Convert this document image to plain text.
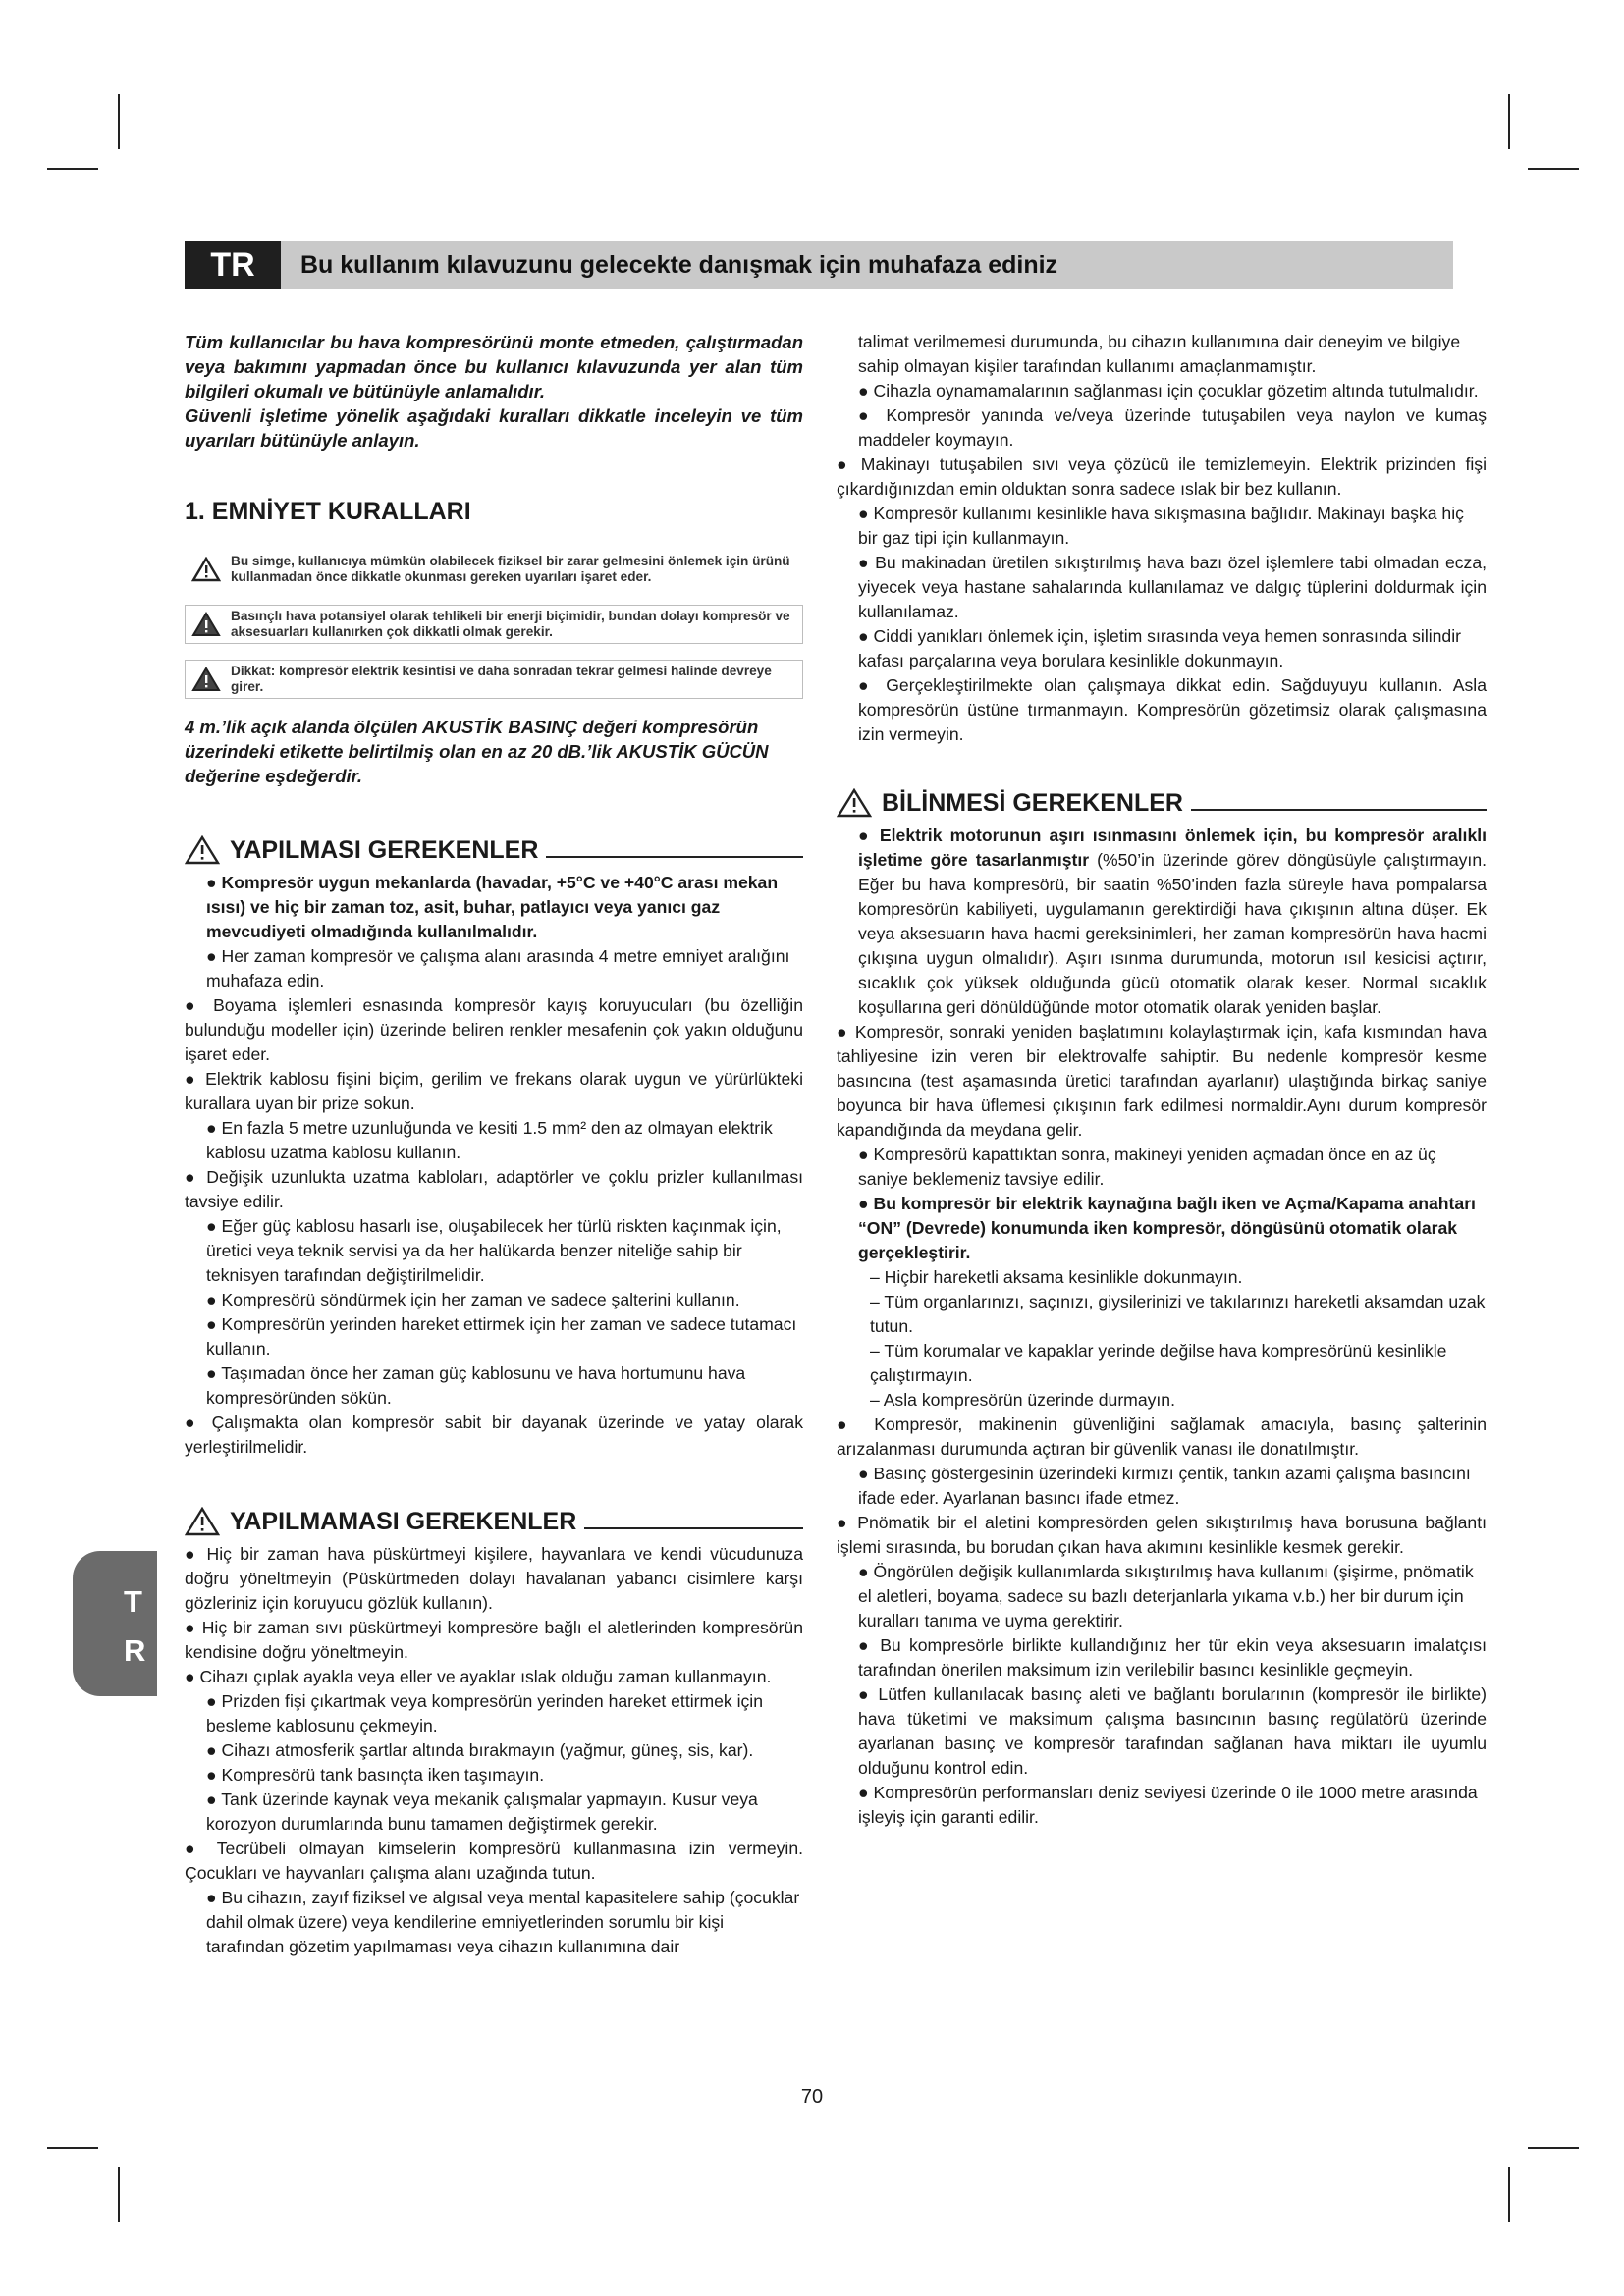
TR	Bu kullanım kılavuzunu gelecekte danışmak için muhafaza ediniz
T
R

Tüm kullanıcılar bu hava kompresörünü monte etmeden, çalıştırmadan veya bakımını yapmadan önce bu kullanıcı kılavuzunda yer alan tüm bilgileri okumalı ve bütünüyle anlamalıdır.

Güvenli işletime yönelik aşağıdaki kuralları dikkatle inceleyin ve tüm uyarıları bütünüyle anlayın.

1. EMNİYET KURALLARI
Bu simge, kullanıcıya mümkün olabilecek fiziksel bir zarar gelmesini önlemek için ürünü kullanmadan önce dikkatle okunması gereken uyarıları işaret eder.
Basınçlı hava potansiyel olarak tehlikeli bir enerji biçimidir, bundan dolayı kompresör ve aksesuarları kullanırken çok dikkatli olmak gerekir.
Dikkat: kompresör elektrik kesintisi ve daha sonradan tekrar gelmesi halinde devreye girer.

4 m.’lik açık alanda ölçülen AKUSTİK BASINÇ değeri kompresörün üzerindeki etikette belirtilmiş olan en az 20 dB.’lik AKUSTİK GÜCÜN değerine eşdeğerdir.

YAPILMASI GEREKENLER

● Kompresör uygun mekanlarda (havadar, +5°C ve +40°C arası mekan ısısı) ve hiç bir zaman toz, asit, buhar, patlayıcı veya yanıcı gaz mevcudiyeti olmadığında kullanılmalıdır.

● Her zaman kompresör ve çalışma alanı arasında 4 metre emniyet aralığını muhafaza edin.

● Boyama işlemleri esnasında kompresör kayış koruyucuları (bu özelliğin bulunduğu modeller için) üzerinde beliren renkler mesafenin çok yakın olduğunu işaret eder.

● Elektrik kablosu fişini biçim, gerilim ve frekans olarak uygun ve yürürlükteki kurallara uyan bir prize sokun.

● En fazla 5 metre uzunluğunda ve kesiti 1.5 mm² den az olmayan elektrik kablosu uzatma kablosu kullanın.

● Değişik uzunlukta uzatma kabloları, adaptörler ve çoklu prizler kullanılması tavsiye edilir.

● Eğer güç kablosu hasarlı ise, oluşabilecek her türlü riskten kaçınmak için, üretici veya teknik servisi ya da her halükarda benzer niteliğe sahip bir teknisyen tarafından değiştirilmelidir.

● Kompresörü söndürmek için her zaman ve sadece şalterini kullanın.

● Kompresörün yerinden hareket ettirmek için her zaman ve sadece tutamacı kullanın.

● Taşımadan önce her zaman güç kablosunu ve hava hortumunu hava kompresöründen sökün.

● Çalışmakta olan kompresör sabit bir dayanak üzerinde ve yatay olarak yerleştirilmelidir.

YAPILMAMASI GEREKENLER

● Hiç bir zaman hava püskürtmeyi kişilere, hayvanlara ve kendi vücudunuza doğru yöneltmeyin (Püskürtmeden dolayı havalanan yabancı cisimlere karşı gözleriniz için koruyucu gözlük kullanın).

● Hiç bir zaman sıvı püskürtmeyi kompresöre bağlı el aletlerinden kompresörün kendisine doğru yöneltmeyin.

● Cihazı çıplak ayakla veya eller ve ayaklar ıslak olduğu zaman kullanmayın.

● Prizden fişi çıkartmak veya kompresörün yerinden hareket ettirmek için besleme kablosunu çekmeyin.

● Cihazı atmosferik şartlar altında bırakmayın (yağmur, güneş, sis, kar).

● Kompresörü tank basınçta iken taşımayın.

● Tank üzerinde kaynak veya mekanik çalışmalar yapmayın. Kusur veya korozyon durumlarında bunu tamamen değiştirmek gerekir.

● Tecrübeli olmayan kimselerin kompresörü kullanmasına izin vermeyin. Çocukları ve hayvanları çalışma alanı uzağında tutun.

● Bu cihazın, zayıf fiziksel ve algısal veya mental kapasitelere sahip (çocuklar dahil olmak üzere) veya kendilerine emniyetlerinden sorumlu bir kişi tarafından gözetim yapılmaması veya cihazın kullanımına dair

talimat verilmemesi durumunda, bu cihazın kullanımına dair deneyim ve bilgiye sahip olmayan kişiler tarafından kullanımı amaçlanmamıştır.

● Cihazla oynamamalarının sağlanması için çocuklar gözetim altında tutulmalıdır.

● Kompresör yanında ve/veya üzerinde tutuşabilen veya naylon ve kumaş maddeler koymayın.

● Makinayı tutuşabilen sıvı veya çözücü ile temizlemeyin. Elektrik prizinden fişi çıkardığınızdan emin olduktan sonra sadece ıslak bir bez kullanın.

● Kompresör kullanımı kesinlikle hava sıkışmasına bağlıdır. Makinayı başka hiç bir gaz tipi için kullanmayın.

● Bu makinadan üretilen sıkıştırılmış hava bazı özel işlemlere tabi olmadan ecza, yiyecek veya hastane sahalarında kullanılamaz ve dalgıç tüplerini doldurmak için kullanılamaz.

● Ciddi yanıkları önlemek için, işletim sırasında veya hemen sonrasında silindir kafası parçalarına veya borulara kesinlikle dokunmayın.

● Gerçekleştirilmekte olan çalışmaya dikkat edin. Sağduyuyu kullanın. Asla kompresörün üstüne tırmanmayın. Kompresörün gözetimsiz olarak çalışmasına izin vermeyin.

BİLİNMESİ GEREKENLER

● Elektrik motorunun aşırı ısınmasını önlemek için, bu kompresör aralıklı işletime göre tasarlanmıştır (%50’in üzerinde görev döngüsüyle çalıştırmayın. Eğer bu hava kompresörü, bir saatin %50’inden fazla süreyle hava pompalarsa kompresörün kabiliyeti, uygulamanın gerektirdiği hava çıkışının altına düşer. Ek veya aksesuarın hava hacmi gereksinimleri, her zaman kompresörün hava hacmi çıkışına uygun olmalıdır). Aşırı ısınma durumunda, motorun ısıl kesicisi açtırır, sıcaklık çok yüksek olduğunda gücü otomatik olarak keser. Normal sıcaklık koşullarına geri dönüldüğünde motor otomatik olarak yeniden başlar.

● Kompresör, sonraki yeniden başlatımını kolaylaştırmak için, kafa kısmından hava tahliyesine izin veren bir elektrovalfe sahiptir. Bu nedenle kompresör kesme basıncına (test aşamasında üretici tarafından ayarlanır) ulaştığında birkaç saniye boyunca bir hava üflemesi çıkışının fark edilmesi normaldir.Aynı durum kompresör kapandığında da meydana gelir.

● Kompresörü kapattıktan sonra, makineyi yeniden açmadan önce en az üç saniye beklemeniz tavsiye edilir.

● Bu kompresör bir elektrik kaynağına bağlı iken ve Açma/Kapama anahtarı “ON” (Devrede) konumunda iken kompresör, döngüsünü otomatik olarak gerçekleştirir.

– Hiçbir hareketli aksama kesinlikle dokunmayın.

– Tüm organlarınızı, saçınızı, giysilerinizi ve takılarınızı hareketli aksamdan uzak tutun.

– Tüm korumalar ve kapaklar yerinde değilse hava kompresörünü kesinlikle çalıştırmayın.

– Asla kompresörün üzerinde durmayın.

● Kompresör, makinenin güvenliğini sağlamak amacıyla, basınç şalterinin arızalanması durumunda açtıran bir güvenlik vanası ile donatılmıştır.

● Basınç göstergesinin üzerindeki kırmızı çentik, tankın azami çalışma basıncını ifade eder. Ayarlanan basıncı ifade etmez.

● Pnömatik bir el aletini kompresörden gelen sıkıştırılmış hava borusuna bağlantı işlemi sırasında, bu borudan çıkan hava akımını kesinlikle kesmek gerekir.

● Öngörülen değişik kullanımlarda sıkıştırılmış hava kullanımı (şişirme, pnömatik el aletleri, boyama, sadece su bazlı deterjanlarla yıkama v.b.) her bir durum için kuralları tanıma ve uyma gerektirir.

● Bu kompresörle birlikte kullandığınız her tür ekin veya aksesuarın imalatçısı tarafından önerilen maksimum izin verilebilir basıncı kesinlikle geçmeyin.

● Lütfen kullanılacak basınç aleti ve bağlantı borularının (kompresör ile birlikte) hava tüketimi ve maksimum çalışma basıncının basınç regülatörü üzerinde ayarlanan basınç ve kompresör tarafından sağlanan hava miktarı ile uyumlu olduğunu kontrol edin.

● Kompresörün performansları deniz seviyesi üzerinde 0 ile 1000 metre arasında işleyiş için garanti edilir.

70
